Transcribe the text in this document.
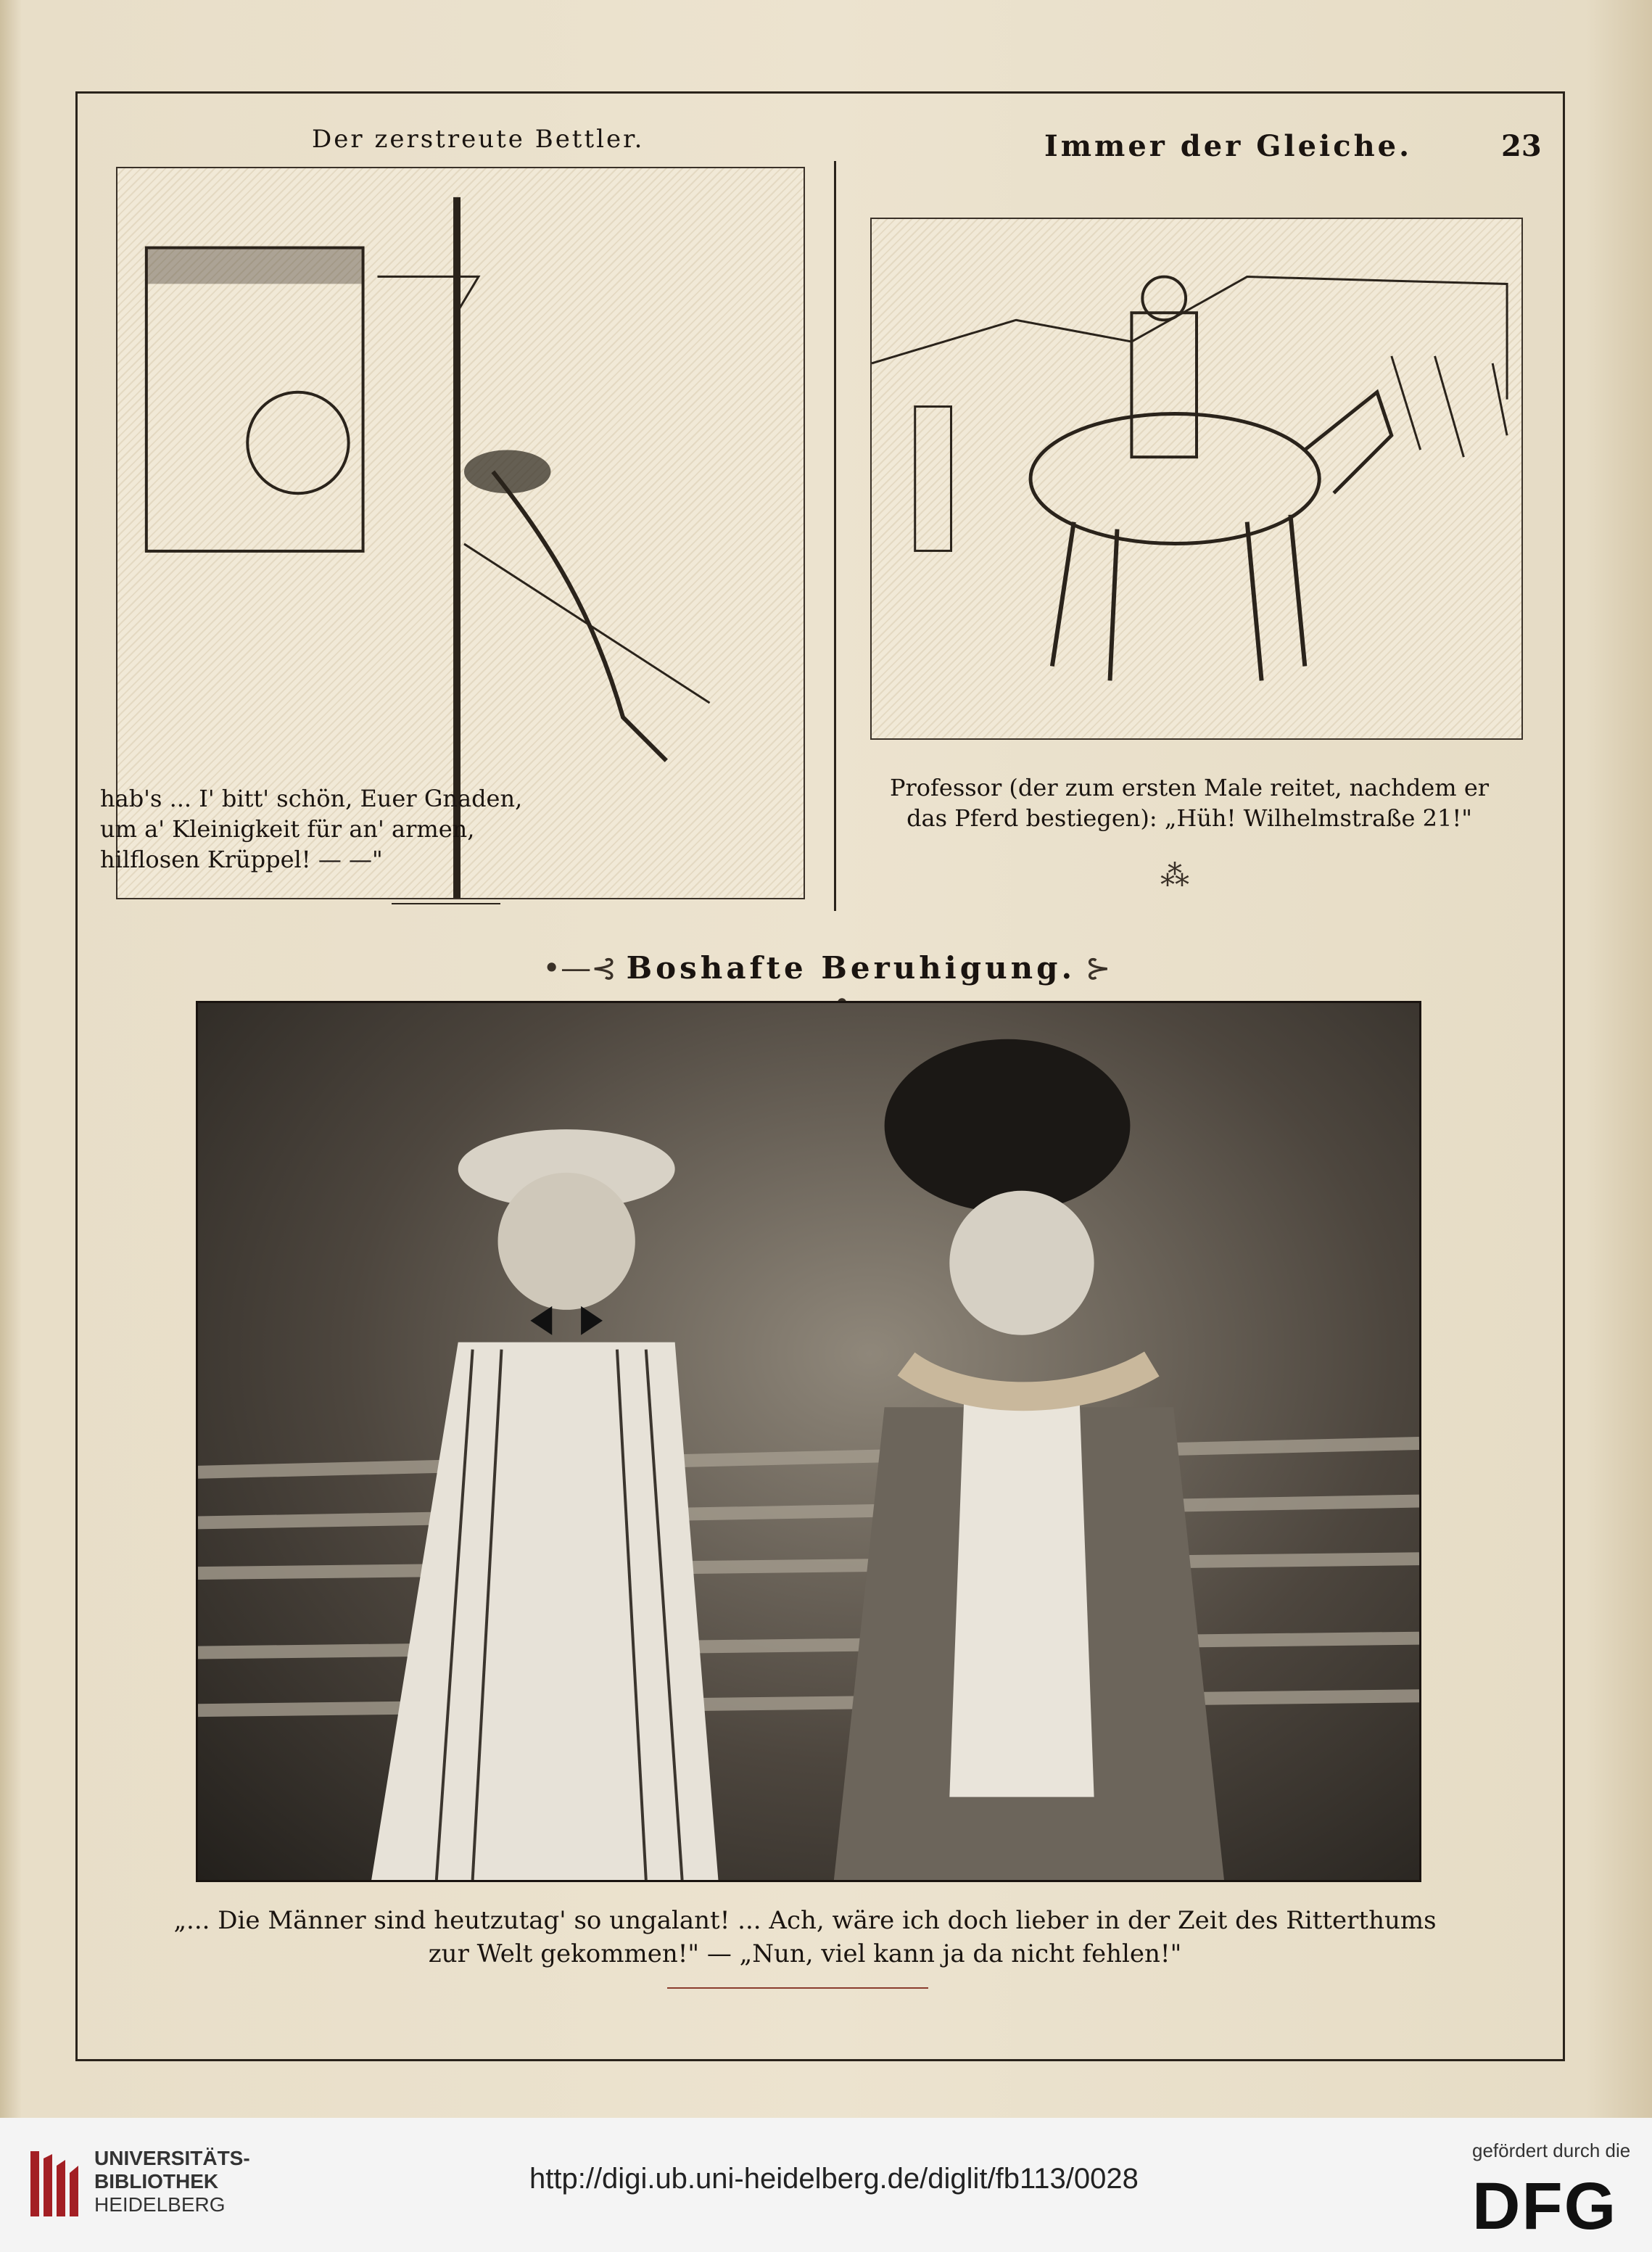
Der zerstreute Bettler.	Immer der Gleiche.	23
hab's ... I' bitt' schön, Euer Gnaden, um a' Kleinigkeit für an' armen, hilflosen Krüppel! — —"
Professor (der zum ersten Male reitet, nachdem er das Pferd bestiegen): „Hüh! Wilhelmstraße 21!"
⁂
•—⊰ Boshafte Beruhigung. ⊱
„... Die Männer sind heutzutag' so ungalant! ... Ach, wäre ich doch lieber in der Zeit des Ritterthums zur Welt gekommen!" — „Nun, viel kann ja da nicht fehlen!"
UNIVERSITÄTS-
BIBLIOTHEK
HEIDELBERG
http://digi.ub.uni-heidelberg.de/diglit/fb113/0028
gefördert durch die
DFG
